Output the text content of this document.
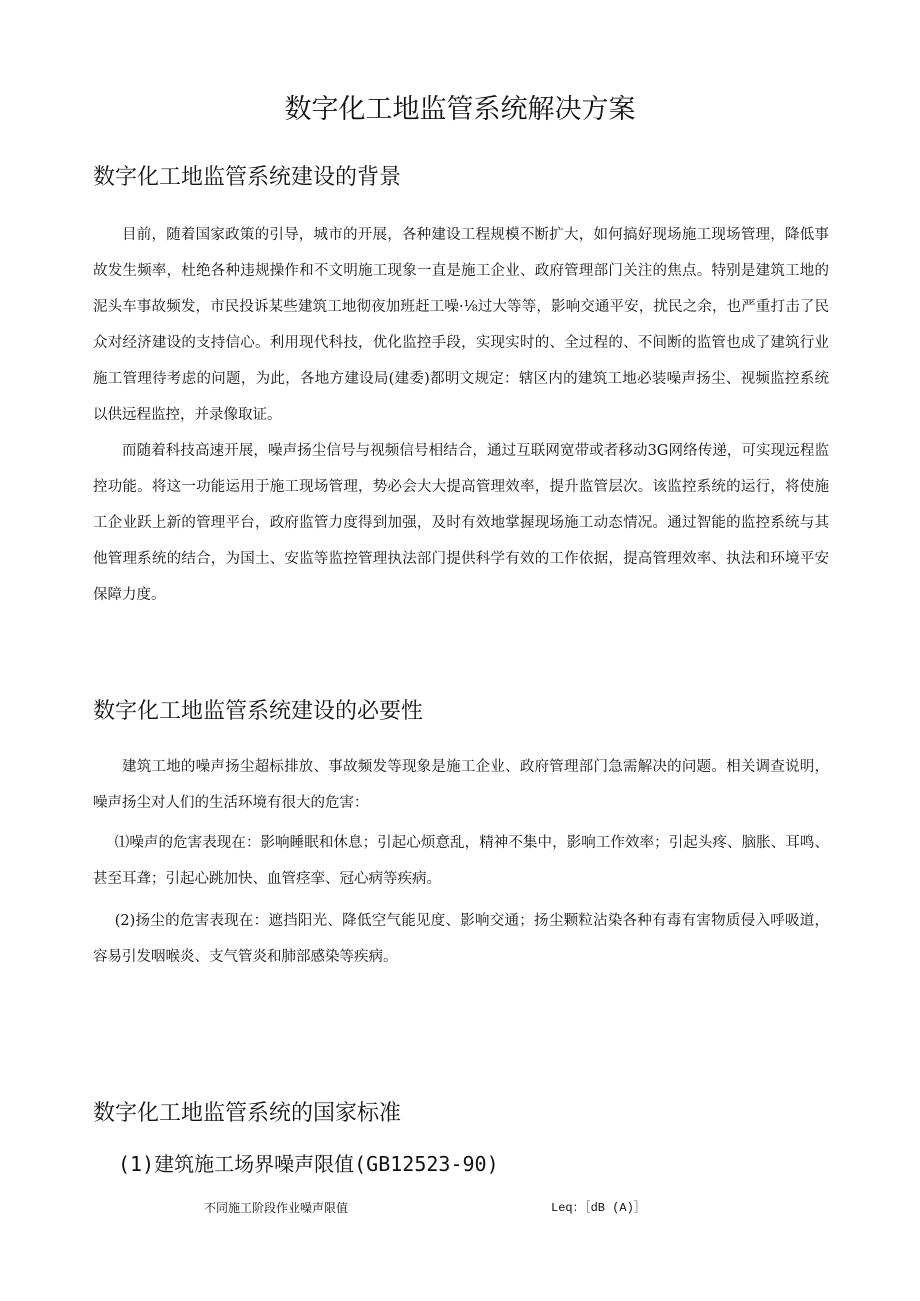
数字化工地监管系统解决方案
数字化工地监管系统建设的背景

目前，随着国家政策的引导，城市的开展，各种建设工程规模不断扩大，如何搞好现场施工现场管理，降低事故发生频率，杜绝各种违规操作和不文明施工现象一直是施工企业、政府管理部门关注的焦点。特别是建筑工地的泥头车事故频发，市民投诉某些建筑工地彻夜加班赶工噪·⅛过大等等，影响交通平安，扰民之余，也严重打击了民众对经济建设的支持信心。利用现代科技，优化监控手段，实现实时的、全过程的、不间断的监管也成了建筑行业施工管理待考虑的问题，为此，各地方建设局(建委)都明文规定：辖区内的建筑工地必装噪声扬尘、视频监控系统以供远程监控，并录像取证。

而随着科技高速开展，噪声扬尘信号与视频信号相结合，通过互联网宽带或者移动3G网络传递，可实现远程监控功能。将这一功能运用于施工现场管理，势必会大大提高管理效率，提升监管层次。该监控系统的运行，将使施工企业跃上新的管理平台，政府监管力度得到加强，及时有效地掌握现场施工动态情况。通过智能的监控系统与其他管理系统的结合，为国土、安监等监控管理执法部门提供科学有效的工作依据，提高管理效率、执法和环境平安保障力度。

数字化工地监管系统建设的必要性

建筑工地的噪声扬尘超标排放、事故频发等现象是施工企业、政府管理部门急需解决的问题。相关调查说明，噪声扬尘对人们的生活环境有很大的危害：

⑴噪声的危害表现在：影响睡眠和休息；引起心烦意乱，精神不集中，影响工作效率；引起头疼、脑胀、耳鸣、甚至耳聋；引起心跳加快、血管痉挛、冠心病等疾病。

(2)扬尘的危害表现在：遮挡阳光、降低空气能见度、影响交通；扬尘颗粒沾染各种有毒有害物质侵入呼吸道，容易引发咽喉炎、支气管炎和肺部感染等疾病。

数字化工地监管系统的国家标准
(1)建筑施工场界噪声限值(GB12523-90)
不同施工阶段作业噪声限值	Leq：［dB (A)］
